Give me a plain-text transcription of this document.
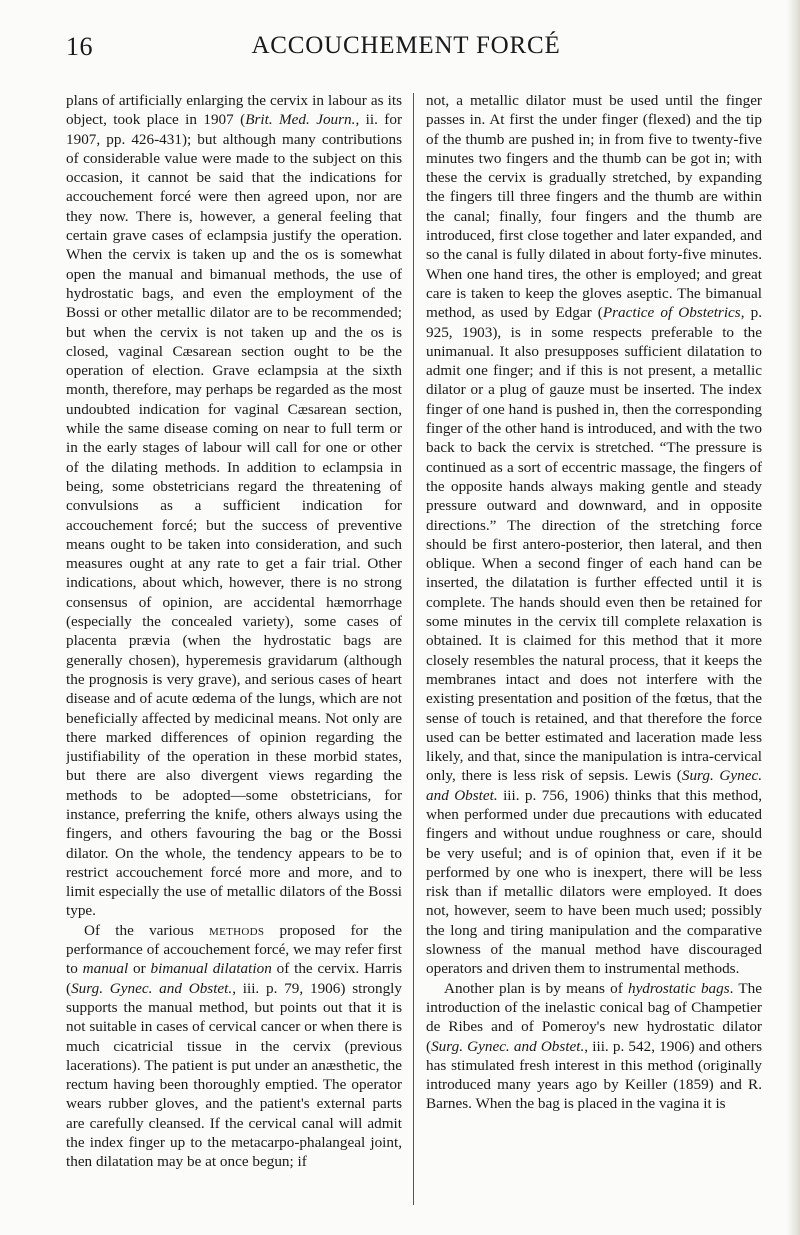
16	ACCOUCHEMENT FORCÉ

plans of artificially enlarging the cervix in labour as its object, took place in 1907 (Brit. Med. Journ., ii. for 1907, pp. 426-431); but although many contributions of considerable value were made to the subject on this occasion, it cannot be said that the indications for accouchement forcé were then agreed upon, nor are they now. There is, however, a general feeling that certain grave cases of eclampsia justify the operation. When the cervix is taken up and the os is somewhat open the manual and bimanual methods, the use of hydrostatic bags, and even the employment of the Bossi or other metallic dilator are to be recommended; but when the cervix is not taken up and the os is closed, vaginal Cæsarean section ought to be the operation of election. Grave eclampsia at the sixth month, therefore, may perhaps be regarded as the most undoubted indication for vaginal Cæsarean section, while the same disease coming on near to full term or in the early stages of labour will call for one or other of the dilating methods. In addition to eclampsia in being, some obstetricians regard the threatening of convulsions as a sufficient indication for accouchement forcé; but the success of preventive means ought to be taken into consideration, and such measures ought at any rate to get a fair trial. Other indications, about which, however, there is no strong consensus of opinion, are accidental hæmorrhage (especially the concealed variety), some cases of placenta prævia (when the hydrostatic bags are generally chosen), hyperemesis gravidarum (although the prognosis is very grave), and serious cases of heart disease and of acute œdema of the lungs, which are not beneficially affected by medicinal means. Not only are there marked differences of opinion regarding the justifiability of the operation in these morbid states, but there are also divergent views regarding the methods to be adopted—some obstetricians, for instance, preferring the knife, others always using the fingers, and others favouring the bag or the Bossi dilator. On the whole, the tendency appears to be to restrict accouchement forcé more and more, and to limit especially the use of metallic dilators of the Bossi type.

Of the various methods proposed for the performance of accouchement forcé, we may refer first to manual or bimanual dilatation of the cervix. Harris (Surg. Gynec. and Obstet., iii. p. 79, 1906) strongly supports the manual method, but points out that it is not suitable in cases of cervical cancer or when there is much cicatricial tissue in the cervix (previous lacerations). The patient is put under an anæsthetic, the rectum having been thoroughly emptied. The operator wears rubber gloves, and the patient's external parts are carefully cleansed. If the cervical canal will admit the index finger up to the metacarpo-phalangeal joint, then dilatation may be at once begun; if

not, a metallic dilator must be used until the finger passes in. At first the under finger (flexed) and the tip of the thumb are pushed in; in from five to twenty-five minutes two fingers and the thumb can be got in; with these the cervix is gradually stretched, by expanding the fingers till three fingers and the thumb are within the canal; finally, four fingers and the thumb are introduced, first close together and later expanded, and so the canal is fully dilated in about forty-five minutes. When one hand tires, the other is employed; and great care is taken to keep the gloves aseptic. The bimanual method, as used by Edgar (Practice of Obstetrics, p. 925, 1903), is in some respects preferable to the unimanual. It also presupposes sufficient dilatation to admit one finger; and if this is not present, a metallic dilator or a plug of gauze must be inserted. The index finger of one hand is pushed in, then the corresponding finger of the other hand is introduced, and with the two back to back the cervix is stretched. “The pressure is continued as a sort of eccentric massage, the fingers of the opposite hands always making gentle and steady pressure outward and downward, and in opposite directions.” The direction of the stretching force should be first antero-posterior, then lateral, and then oblique. When a second finger of each hand can be inserted, the dilatation is further effected until it is complete. The hands should even then be retained for some minutes in the cervix till complete relaxation is obtained. It is claimed for this method that it more closely resembles the natural process, that it keeps the membranes intact and does not interfere with the existing presentation and position of the fœtus, that the sense of touch is retained, and that therefore the force used can be better estimated and laceration made less likely, and that, since the manipulation is intra-cervical only, there is less risk of sepsis. Lewis (Surg. Gynec. and Obstet. iii. p. 756, 1906) thinks that this method, when performed under due precautions with educated fingers and without undue roughness or care, should be very useful; and is of opinion that, even if it be performed by one who is inexpert, there will be less risk than if metallic dilators were employed. It does not, however, seem to have been much used; possibly the long and tiring manipulation and the comparative slowness of the manual method have discouraged operators and driven them to instrumental methods.

Another plan is by means of hydrostatic bags. The introduction of the inelastic conical bag of Champetier de Ribes and of Pomeroy's new hydrostatic dilator (Surg. Gynec. and Obstet., iii. p. 542, 1906) and others has stimulated fresh interest in this method (originally introduced many years ago by Keiller (1859) and R. Barnes. When the bag is placed in the vagina it is
